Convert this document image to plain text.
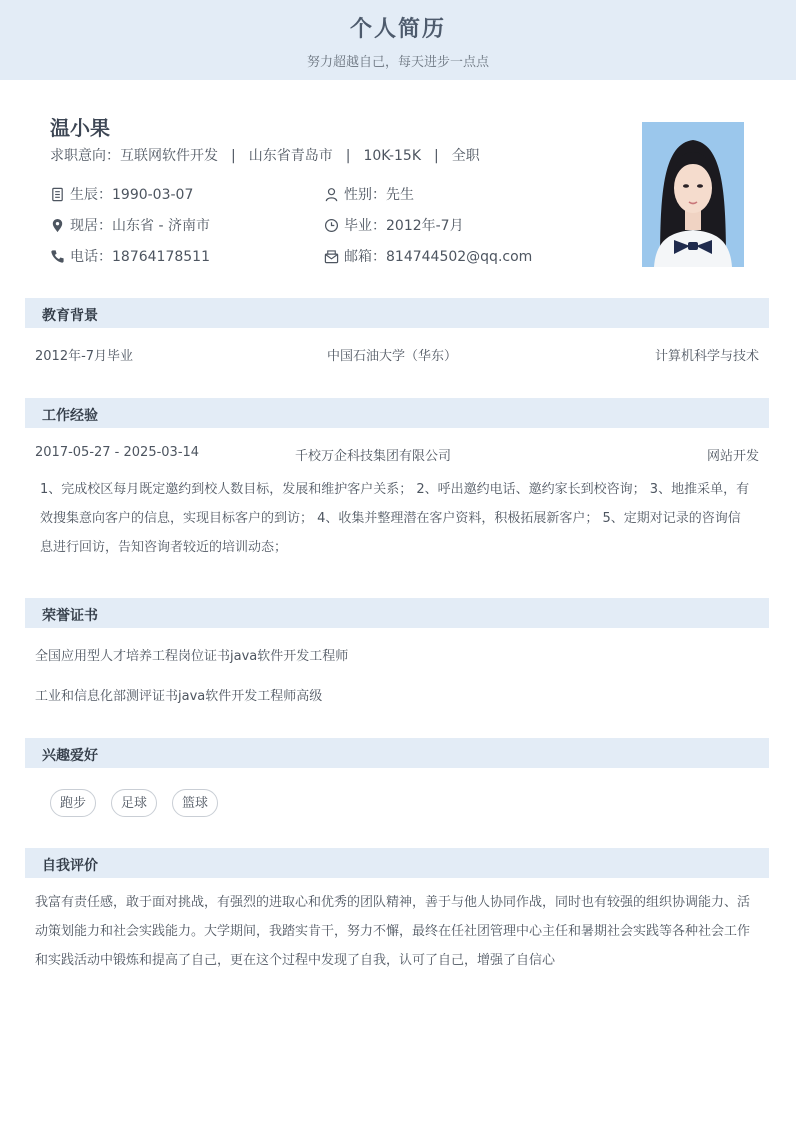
个人简历
努力超越自己，每天进步一点点
温小果
求职意向：互联网软件开发 | 山东省青岛市 | 10K-15K | 全职
生辰：1990-03-07	性别：先生
现居：山东省 - 济南市	毕业：2012年-7月
电话：18764178511	邮箱：814744502@qq.com
教育背景
2012年-7月毕业	中国石油大学（华东）	计算机科学与技术
工作经验
2017-05-27 - 2025-03-14	千校万企科技集团有限公司	网站开发
1、完成校区每月既定邀约到校人数目标，发展和维护客户关系； 2、呼出邀约电话、邀约家长到校咨询； 3、地推采单，有效搜集意向客户的信息，实现目标客户的到访； 4、收集并整理潜在客户资料，积极拓展新客户； 5、定期对记录的咨询信息进行回访，告知咨询者较近的培训动态；
荣誉证书
全国应用型人才培养工程岗位证书java软件开发工程师
工业和信息化部测评证书java软件开发工程师高级
兴趣爱好
跑步	足球	篮球
自我评价
我富有责任感，敢于面对挑战，有强烈的进取心和优秀的团队精神，善于与他人协同作战，同时也有较强的组织协调能力、活动策划能力和社会实践能力。大学期间，我踏实肯干，努力不懈，最终在任社团管理中心主任和暑期社会实践等各种社会工作和实践活动中锻炼和提高了自己，更在这个过程中发现了自我，认可了自己，增强了自信心
